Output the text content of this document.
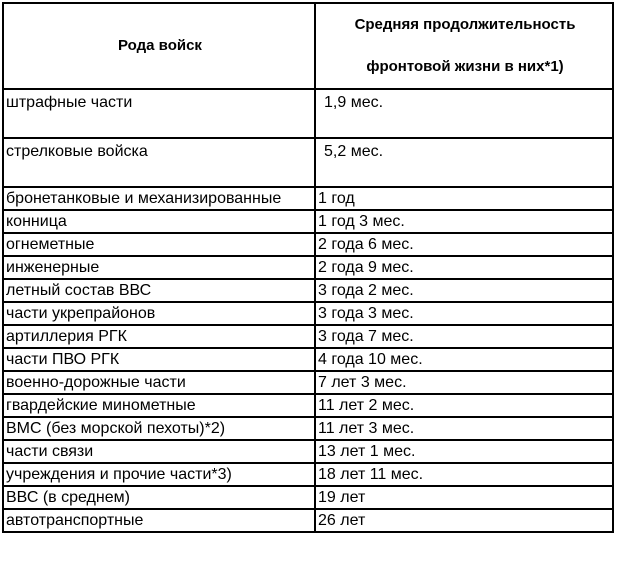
Рода войск	Средняя продолжительность
фронтовой жизни в них*1)

штрафные части	1,9 мес.
стрелковые войска	5,2 мес.
бронетанковые и механизированные	1 год
конница	1 год 3 мес.
огнеметные	2 года 6 мес.
инженерные	2 года 9 мес.
летный состав ВВС	3 года 2 мес.
части укрепрайонов	3 года 3 мес.
артиллерия РГК	3 года 7 мес.
части ПВО РГК	4 года 10 мес.
военно-дорожные части	7 лет 3 мес.
гвардейские минометные	11 лет 2 мес.
ВМС (без морской пехоты)*2)	11 лет 3 мес.
части связи	13 лет 1 мес.
учреждения и прочие части*3)	18 лет 11 мес.
ВВС (в среднем)	19 лет
автотранспортные	26 лет
